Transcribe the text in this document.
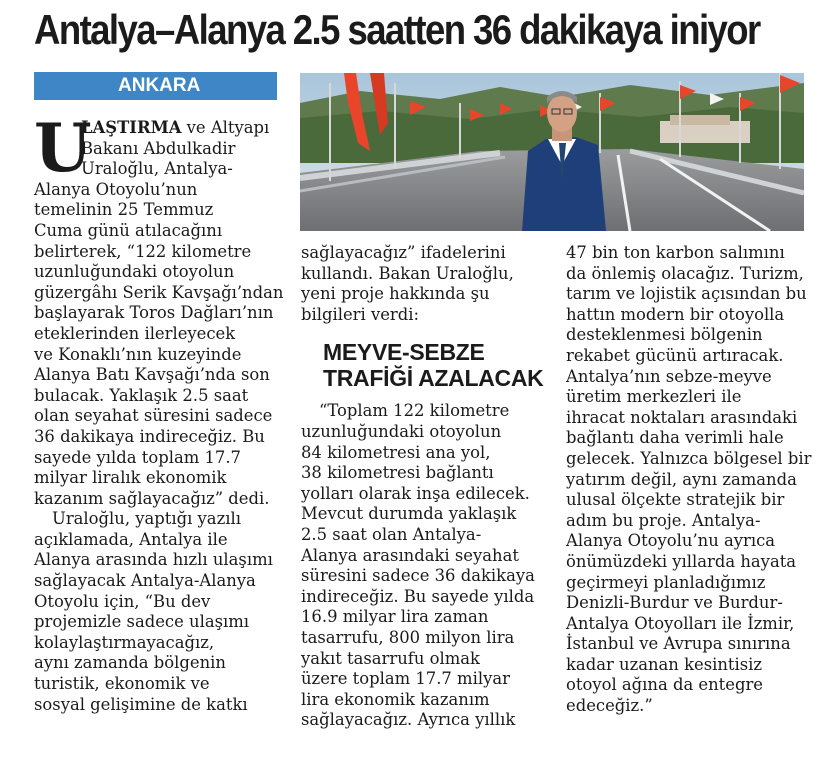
Antalya–Alanya 2.5 saatten 36 dakikaya iniyor
ANKARA
U
LAŞTIRMA ve Altyapı
Bakanı Abdulkadir
Uraloğlu, Antalya-
Alanya Otoyolu’nun
temelinin 25 Temmuz
Cuma günü atılacağını
belirterek, “122 kilometre
uzunluğundaki otoyolun
güzergâhı Serik Kavşağı’ndan
başlayarak Toros Dağları’nın
eteklerinden ilerleyecek
ve Konaklı’nın kuzeyinde
Alanya Batı Kavşağı’nda son
bulacak. Yaklaşık 2.5 saat
olan seyahat süresini sadece
36 dakikaya indireceğiz. Bu
sayede yılda toplam 17.7
milyar liralık ekonomik
kazanım sağlayacağız” dedi.
Uraloğlu, yaptığı yazılı
açıklamada, Antalya ile
Alanya arasında hızlı ulaşımı
sağlayacak Antalya-Alanya
Otoyolu için, “Bu dev
projemizle sadece ulaşımı
kolaylaştırmayacağız,
aynı zamanda bölgenin
turistik, ekonomik ve
sosyal gelişimine de katkı
sağlayacağız” ifadelerini
kullandı. Bakan Uraloğlu,
yeni proje hakkında şu
bilgileri verdi:
MEYVE-SEBZE
TRAFİĞİ AZALACAK
“Toplam 122 kilometre
uzunluğundaki otoyolun
84 kilometresi ana yol,
38 kilometresi bağlantı
yolları olarak inşa edilecek.
Mevcut durumda yaklaşık
2.5 saat olan Antalya-
Alanya arasındaki seyahat
süresini sadece 36 dakikaya
indireceğiz. Bu sayede yılda
16.9 milyar lira zaman
tasarrufu, 800 milyon lira
yakıt tasarrufu olmak
üzere toplam 17.7 milyar
lira ekonomik kazanım
sağlayacağız. Ayrıca yıllık
47 bin ton karbon salımını
da önlemiş olacağız. Turizm,
tarım ve lojistik açısından bu
hattın modern bir otoyolla
desteklenmesi bölgenin
rekabet gücünü artıracak.
Antalya’nın sebze-meyve
üretim merkezleri ile
ihracat noktaları arasındaki
bağlantı daha verimli hale
gelecek. Yalnızca bölgesel bir
yatırım değil, aynı zamanda
ulusal ölçekte stratejik bir
adım bu proje. Antalya-
Alanya Otoyolu’nu ayrıca
önümüzdeki yıllarda hayata
geçirmeyi planladığımız
Denizli-Burdur ve Burdur-
Antalya Otoyolları ile İzmir,
İstanbul ve Avrupa sınırına
kadar uzanan kesintisiz
otoyol ağına da entegre
edeceğiz.”
